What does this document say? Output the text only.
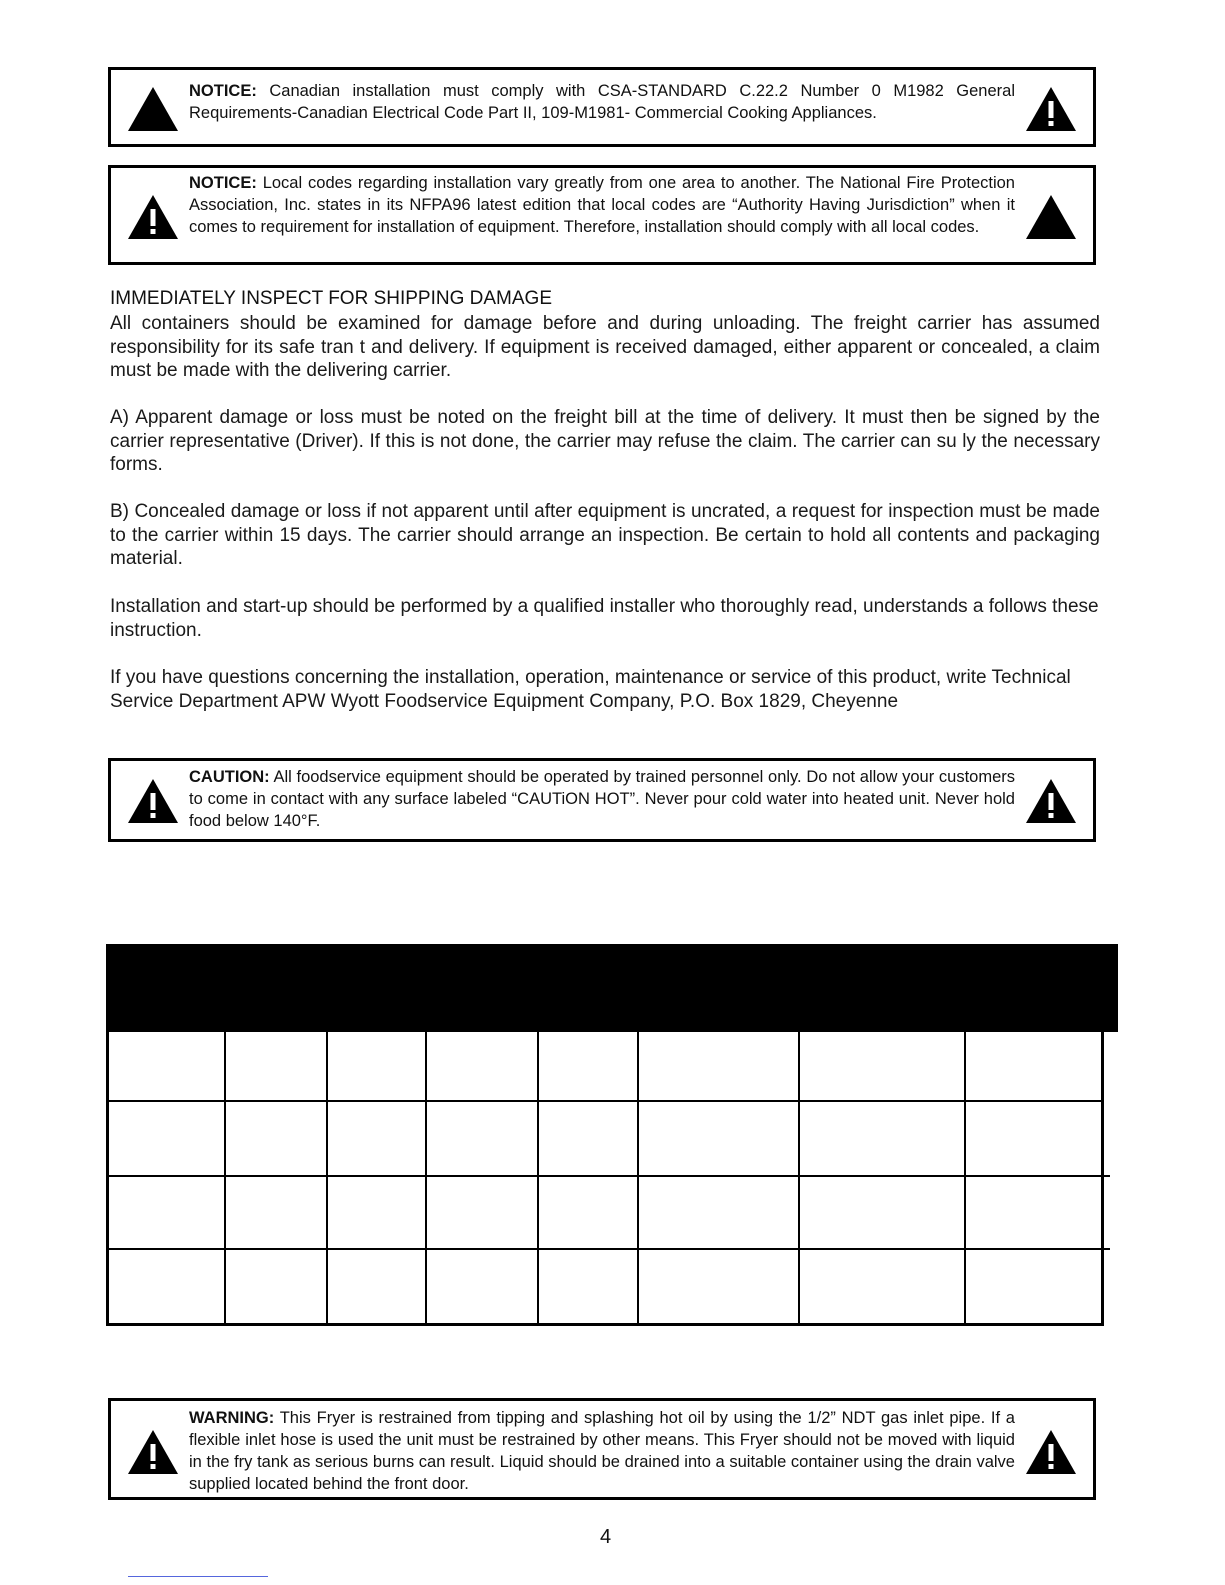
NOTICE: Canadian installation must comply with CSA-STANDARD C.22.2 Number 0 M1982 General Requirements-Canadian Electrical Code Part II, 109-M1981- Commercial Cooking Appliances.
NOTICE: Local codes regarding installation vary greatly from one area to another. The National Fire Protection Association, Inc. states in its NFPA96 latest edition that local codes are “Authority Having Jurisdiction” when it comes to requirement for installation of equipment. Therefore, installation should comply with all local codes.
IMMEDIATELY INSPECT FOR SHIPPING DAMAGE
All containers should be examined for damage before and during unloading. The freight carrier has assumed responsibility for its safe tran t and delivery. If equipment is received damaged, either apparent or concealed, a claim must be made with the delivering carrier.
A) Apparent damage or loss must be noted on the freight bill at the time of delivery. It must then be signed by the carrier representative (Driver). If this is not done, the carrier may refuse the claim. The carrier can su ly the necessary forms.
B) Concealed damage or loss if not apparent until after equipment is uncrated, a request for inspection must be made to the carrier within 15 days. The carrier should arrange an inspection. Be certain to hold all contents and packaging material.
Installation and start-up should be performed by a qualified installer who thoroughly read, understands a follows these instruction.
If you have questions concerning the installation, operation, maintenance or service of this product, write Technical Service Department APW Wyott Foodservice Equipment Company, P.O. Box 1829, Cheyenne
CAUTION: All foodservice equipment should be operated by trained personnel only. Do not allow your customers to come in contact with any surface labeled “CAUTiON HOT”. Never pour cold water into heated unit. Never hold food below 140°F.
WARNING: This Fryer is restrained from tipping and splashing hot oil by using the 1/2” NDT gas inlet pipe. If a flexible inlet hose is used the unit must be restrained by other means. This Fryer should not be moved with liquid in the fry tank as serious burns can result. Liquid should be drained into a suitable container using the drain valve supplied located behind the front door.
4
